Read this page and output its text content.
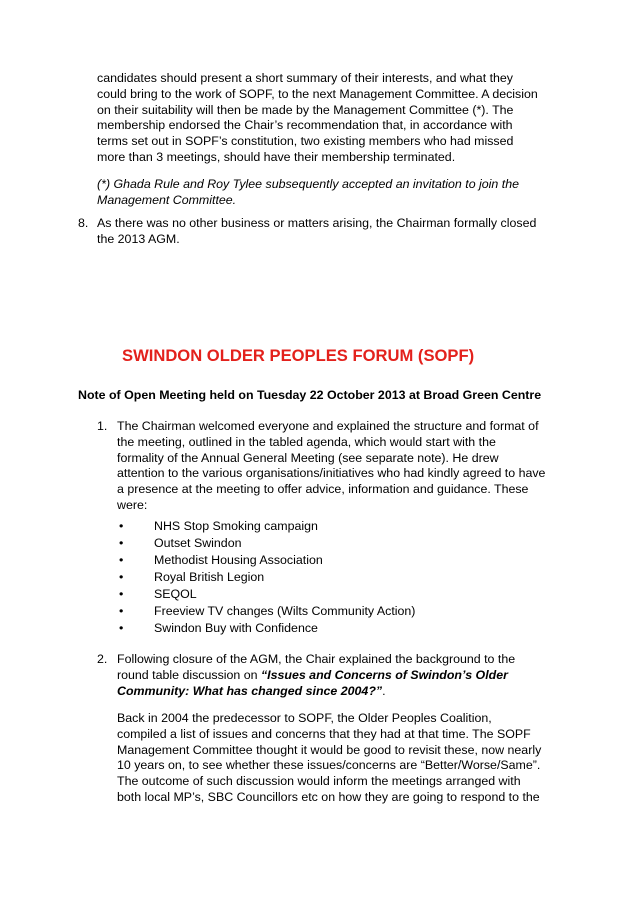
candidates should present a short summary of their interests, and what they
could bring to the work of SOPF, to the next Management Committee. A decision
on their suitability will then be made by the Management Committee (*). The
membership endorsed the Chair’s recommendation that, in accordance with
terms set out in SOPF’s constitution, two existing members who had missed
more than 3 meetings, should have their membership terminated.
(*) Ghada Rule and Roy Tylee subsequently accepted an invitation to join the
Management Committee.
8. As there was no other business or matters arising, the Chairman formally closed
the 2013 AGM.
SWINDON OLDER PEOPLES FORUM (SOPF)
Note of Open Meeting held on Tuesday 22 October 2013 at Broad Green Centre
1. The Chairman welcomed everyone and explained the structure and format of
the meeting, outlined in the tabled agenda, which would start with the
formality of the Annual General Meeting (see separate note). He drew
attention to the various organisations/initiatives who had kindly agreed to have
a presence at the meeting to offer advice, information and guidance. These
were:
• NHS Stop Smoking campaign
• Outset Swindon
• Methodist Housing Association
• Royal British Legion
• SEQOL
• Freeview TV changes (Wilts Community Action)
• Swindon Buy with Confidence
2. Following closure of the AGM, the Chair explained the background to the
round table discussion on “Issues and Concerns of Swindon’s Older
Community: What has changed since 2004?”.
Back in 2004 the predecessor to SOPF, the Older Peoples Coalition,
compiled a list of issues and concerns that they had at that time. The SOPF
Management Committee thought it would be good to revisit these, now nearly
10 years on, to see whether these issues/concerns are “Better/Worse/Same”.
The outcome of such discussion would inform the meetings arranged with
both local MP’s, SBC Councillors etc on how they are going to respond to the
